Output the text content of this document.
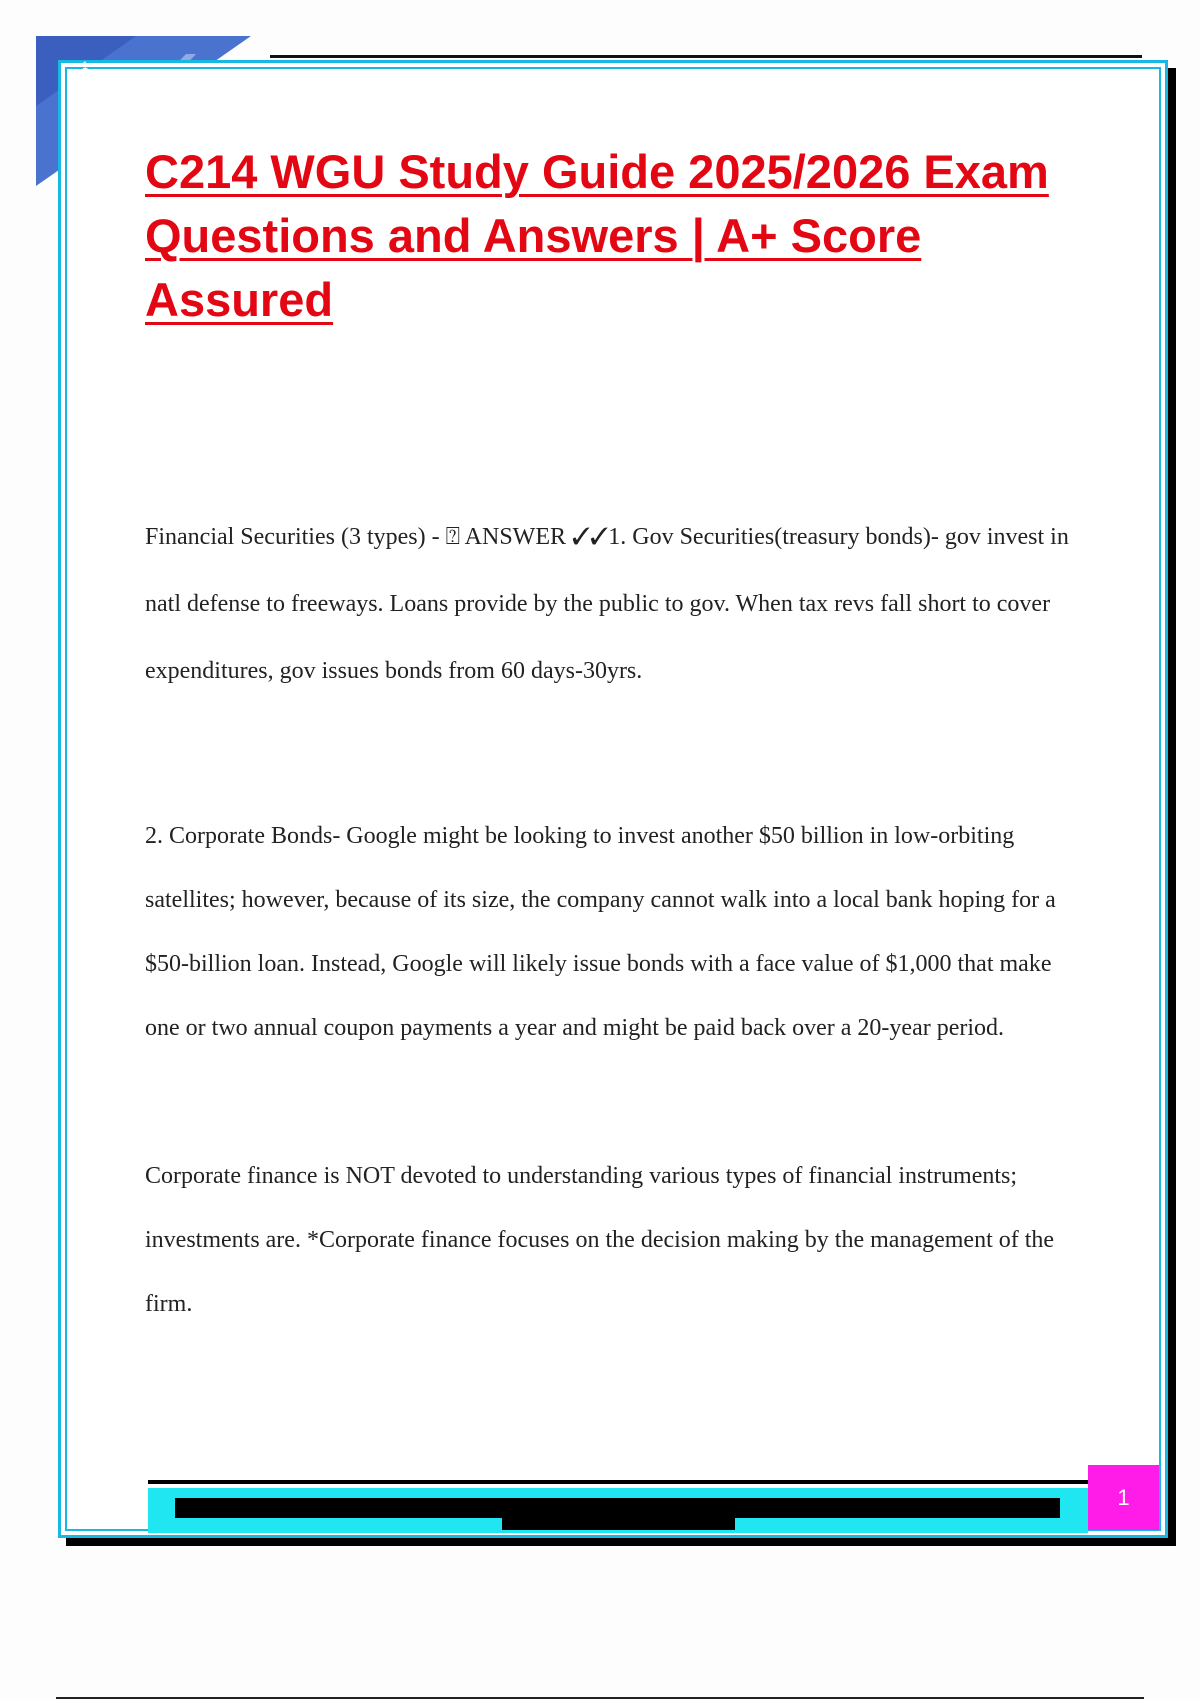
1
C214 WGU Study Guide 2025/2026 Exam Questions and Answers | A+ Score Assured

Financial Securities (3 types) - ⍰ ANSWER ✓✓1. Gov Securities(treasury bonds)- gov invest in natl defense to freeways. Loans provide by the public to gov. When tax revs fall short to cover expenditures, gov issues bonds from 60 days-30yrs.

2. Corporate Bonds- Google might be looking to invest another $50 billion in low-orbiting satellites; however, because of its size, the company cannot walk into a local bank hoping for a $50-billion loan. Instead, Google will likely issue bonds with a face value of $1,000 that make one or two annual coupon payments a year and might be paid back over a 20-year period.

Corporate finance is NOT devoted to understanding various types of financial instruments; investments are. *Corporate finance focuses on the decision making by the management of the firm.

1
